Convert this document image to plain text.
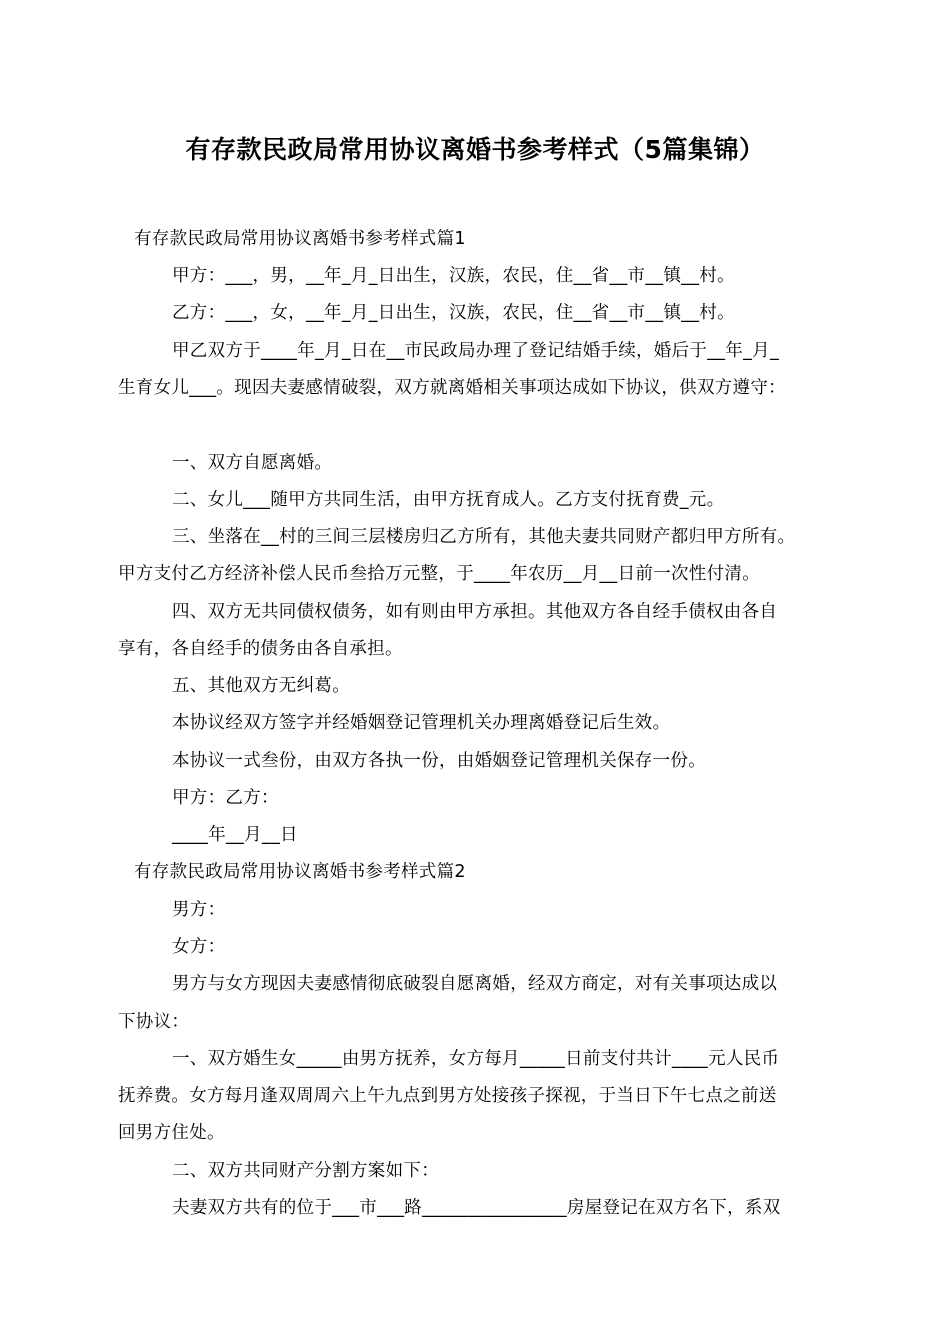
有存款民政局常用协议离婚书参考样式（5篇集锦）
有存款民政局常用协议离婚书参考样式篇1
甲方：___，男，__年_月_日出生，汉族，农民，住__省__市__镇__村。
乙方：___，女，__年_月_日出生，汉族，农民，住__省__市__镇__村。
甲乙双方于____年_月_日在__市民政局办理了登记结婚手续，婚后于__年_月_
生育女儿___。现因夫妻感情破裂，双方就离婚相关事项达成如下协议，供双方遵守：
一、双方自愿离婚。
二、女儿___随甲方共同生活，由甲方抚育成人。乙方支付抚育费_元。
三、坐落在__村的三间三层楼房归乙方所有，其他夫妻共同财产都归甲方所有。
甲方支付乙方经济补偿人民币叁拾万元整，于____年农历__月__日前一次性付清。
四、双方无共同债权债务，如有则由甲方承担。其他双方各自经手债权由各自
享有，各自经手的债务由各自承担。
五、其他双方无纠葛。
本协议经双方签字并经婚姻登记管理机关办理离婚登记后生效。
本协议一式叁份，由双方各执一份，由婚姻登记管理机关保存一份。
甲方：乙方：
____年__月__日
有存款民政局常用协议离婚书参考样式篇2
男方：
女方：
男方与女方现因夫妻感情彻底破裂自愿离婚，经双方商定，对有关事项达成以
下协议：
一、双方婚生女_____由男方抚养，女方每月_____日前支付共计____元人民币
抚养费。女方每月逢双周周六上午九点到男方处接孩子探视，于当日下午七点之前送
回男方住处。
二、双方共同财产分割方案如下：
夫妻双方共有的位于___市___路________________房屋登记在双方名下，系双
